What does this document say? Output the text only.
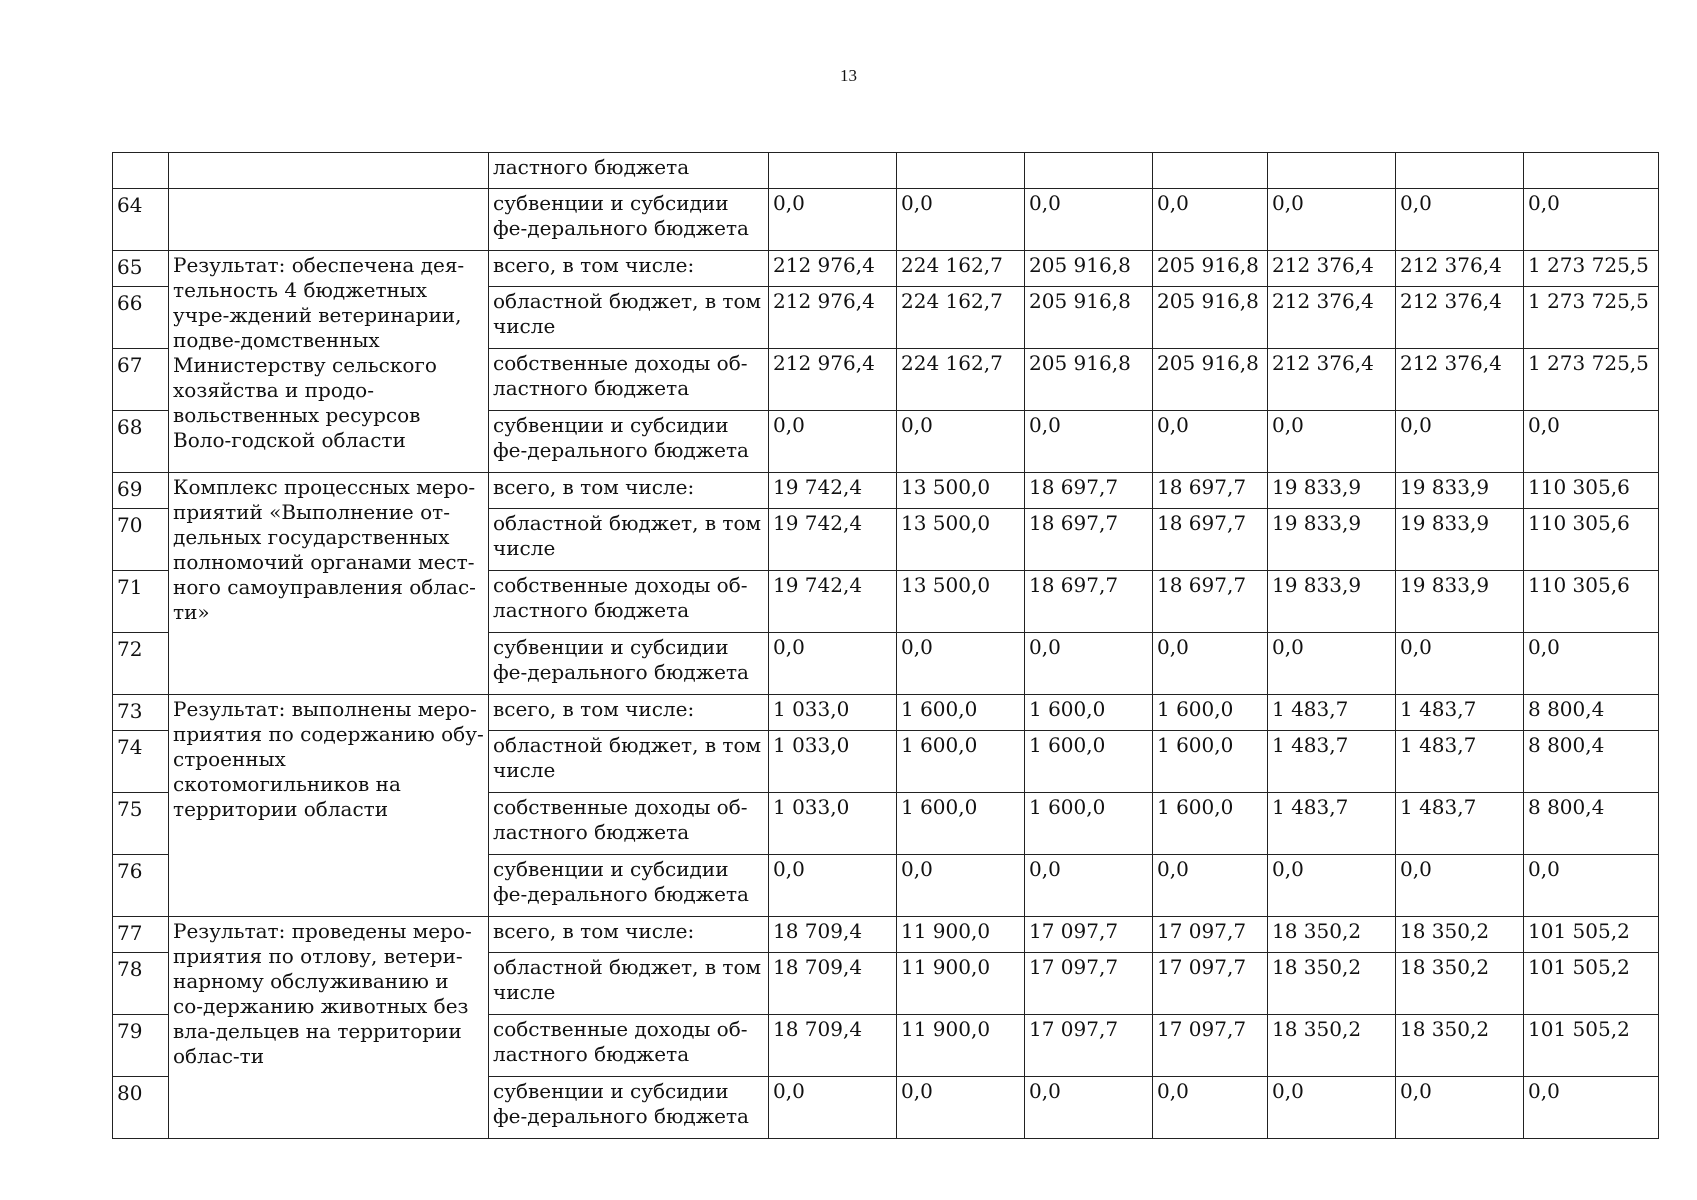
13
		ластного бюджета							
64		субвенции и субсидии фе-дерального бюджета	0,0	0,0	0,0	0,0	0,0	0,0	0,0
65	Результат: обеспечена дея-тельность 4 бюджетных учре-ждений ветеринарии, подве-домственных Министерству сельского хозяйства и продо-вольственных ресурсов Воло-годской области	всего, в том числе:	212 976,4	224 162,7	205 916,8	205 916,8	212 376,4	212 376,4	1 273 725,5
66		областной бюджет, в том числе	212 976,4	224 162,7	205 916,8	205 916,8	212 376,4	212 376,4	1 273 725,5
67		собственные доходы об-ластного бюджета	212 976,4	224 162,7	205 916,8	205 916,8	212 376,4	212 376,4	1 273 725,5
68		субвенции и субсидии фе-дерального бюджета	0,0	0,0	0,0	0,0	0,0	0,0	0,0
69	Комплекс процессных меро-приятий «Выполнение от-дельных государственных полномочий органами мест-ного самоуправления облас-ти»	всего, в том числе:	19 742,4	13 500,0	18 697,7	18 697,7	19 833,9	19 833,9	110 305,6
70		областной бюджет, в том числе	19 742,4	13 500,0	18 697,7	18 697,7	19 833,9	19 833,9	110 305,6
71		собственные доходы об-ластного бюджета	19 742,4	13 500,0	18 697,7	18 697,7	19 833,9	19 833,9	110 305,6
72		субвенции и субсидии фе-дерального бюджета	0,0	0,0	0,0	0,0	0,0	0,0	0,0
73	Результат: выполнены меро-приятия по содержанию обу-строенных скотомогильников на территории области	всего, в том числе:	1 033,0	1 600,0	1 600,0	1 600,0	1 483,7	1 483,7	8 800,4
74		областной бюджет, в том числе	1 033,0	1 600,0	1 600,0	1 600,0	1 483,7	1 483,7	8 800,4
75		собственные доходы об-ластного бюджета	1 033,0	1 600,0	1 600,0	1 600,0	1 483,7	1 483,7	8 800,4
76		субвенции и субсидии фе-дерального бюджета	0,0	0,0	0,0	0,0	0,0	0,0	0,0
77	Результат: проведены меро-приятия по отлову, ветери-нарному обслуживанию и со-держанию животных без вла-дельцев на территории облас-ти	всего, в том числе:	18 709,4	11 900,0	17 097,7	17 097,7	18 350,2	18 350,2	101 505,2
78		областной бюджет, в том числе	18 709,4	11 900,0	17 097,7	17 097,7	18 350,2	18 350,2	101 505,2
79		собственные доходы об-ластного бюджета	18 709,4	11 900,0	17 097,7	17 097,7	18 350,2	18 350,2	101 505,2
80		субвенции и субсидии фе-дерального бюджета	0,0	0,0	0,0	0,0	0,0	0,0	0,0
